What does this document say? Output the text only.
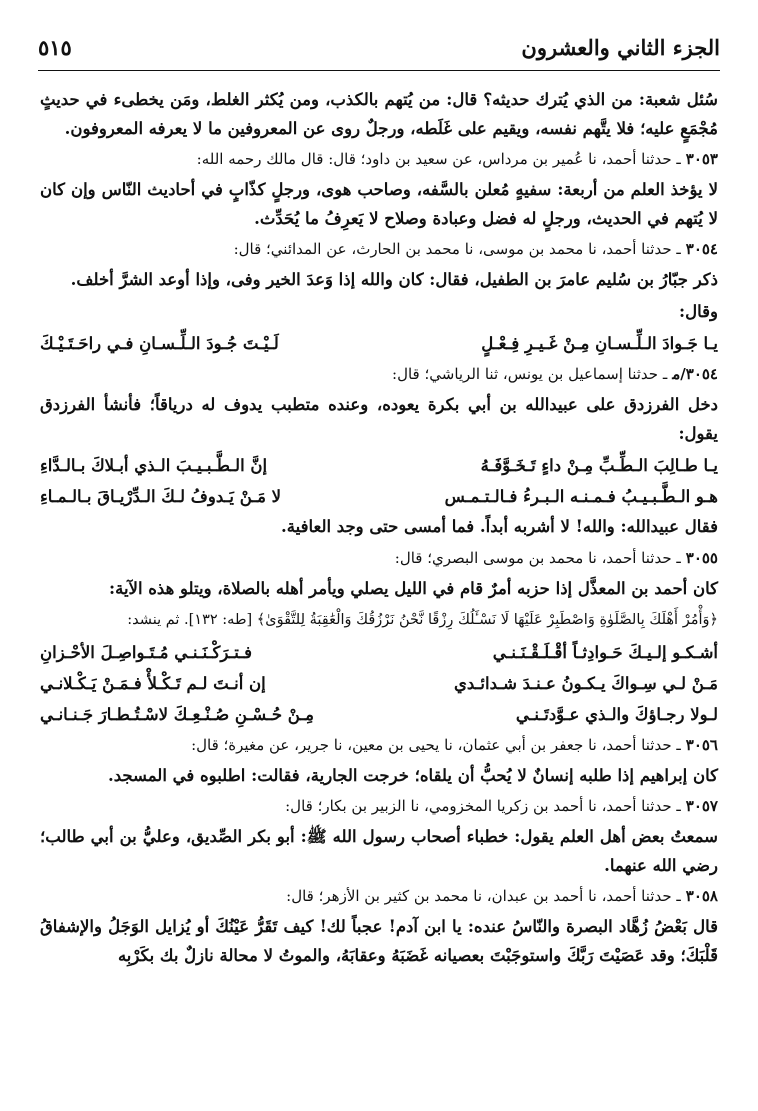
٥١٥	الجزء الثاني والعشرون
سُئل شعبة: من الذي يُترك حديثه؟ قال: من يُتهم بالكذب، ومن يُكثر الغلط، ومَن يخطىء في حديثٍ مُجْمَعٍ عليه؛ فلا يتَّهم نفسه، ويقيم على غَلَطه، ورجلٌ روى عن المعروفين ما لا يعرفه المعروفون.
٣٠٥٣ـ حدثنا أحمد، نا عُمير بن مرداس، عن سعيد بن داود؛ قال: قال مالك رحمه الله:
لا يؤخذ العلم من أربعة: سفيهٍ مُعلن بالسَّفه، وصاحب هوى، ورجلٍ كذّابٍ في أحاديث النّاس وإن كان لا يُتهم في الحديث، ورجلٍ له فضل وعبادة وصلاح لا يَعرِفُ ما يُحَدِّث.
٣٠٥٤ـ حدثنا أحمد، نا محمد بن موسى، نا محمد بن الحارث، عن المدائني؛ قال:
ذكر جبّارُ بن سُليم عامرَ بن الطفيل، فقال: كان والله إذا وَعدَ الخير وفى، وإذا أوعد الشرَّ أخلف.
وقال:
يـا جَـوادَ الـلِّـسـانِ مِـنْ غَـيـرِ فِـعْـلٍ
لَـيْـتَ جُـودَ الـلِّـسـانِ فـي راحَـتَـيْـكَ
٣٠٥٤/مـ حدثنا إسماعيل بن يونس، ثنا الرياشي؛ قال:
دخل الفرزدق على عبيدالله بن أبي بكرة يعوده، وعنده متطبب يدوف له درياقاً؛ فأنشأ الفرزدق يقول:
يـا طـالِبَ الـطِّـبِّ مِـنْ داءٍ تَـخَـوَّفَـهُ
إنَّ الـطَّـبـيـبَ الـذي أبـلاكَ بـالـدَّاءِ
هـو الـطَّـبـيـبُ فـمـنـه الـبـرءُ فـالـتـمـس
لا مَـنْ يَـدوفُ لـكَ الـدِّرْيـاقَ بـالـمـاءِ
فقال عبيدالله: والله! لا أشربه أبداً. فما أمسى حتى وجد العافية.
٣٠٥٥ـ حدثنا أحمد، نا محمد بن موسى البصري؛ قال:
كان أحمد بن المعذَّل إذا حزبه أمرٌ قام في الليل يصلي ويأمر أهله بالصلاة، ويتلو هذه الآية:
﴿وَأْمُرْ أَهْلَكَ بِالصَّلَوٰةِ وَاصْطَبِرْ عَلَيْهَا لَا نَسْـَٔلُكَ رِزْقًا نَّحْنُ نَرْزُقُكَ وَالْعَٰقِبَةُ لِلتَّقْوَىٰ﴾ [طه: ١٣٢]. ثم ينشد:
أشـكـو إلـيـكَ حَـوادِثـاً أقْـلَـقْـنَـنـي
فـتـرَكْـنَـنـي مُـتَـواصِـلَ الأحْـزانِ
مَـنْ لـي سِـواكَ يـكـونُ عـنـدَ شـدائـدي
إن أنـتَ لـم تَـكْـلأْ فـمَـنْ يَـكْـلانـي
لـولا رجـاؤكَ والـذي عـوَّدتَـنـي
مِـنْ حُـسْـنِ صُـنْـعِـكَ لاسْـتُـطـارَ جَـنـانـي
٣٠٥٦ـ حدثنا أحمد، نا جعفر بن أبي عثمان، نا يحيى بن معين، نا جرير، عن مغيرة؛ قال:
كان إبراهيم إذا طلبه إنسانٌ لا يُحبُّ أن يلقاه؛ خرجت الجارية، فقالت: اطلبوه في المسجد.
٣٠٥٧ـ حدثنا أحمد، نا أحمد بن زكريا المخزومي، نا الزبير بن بكار؛ قال:
سمعتُ بعض أهل العلم يقول: خطباء أصحاب رسول الله ﷺ: أبو بكر الصِّديق، وعليُّ بن أبي طالب؛ رضي الله عنهما.
٣٠٥٨ـ حدثنا أحمد، نا أحمد بن عبدان، نا محمد بن كثير بن الأزهر؛ قال:
قال بَعْضُ زُهَّاد البصرة والنّاسُ عنده: يا ابن آدم! عجباً لك! كيف تَقَرُّ عَيْنُكَ أو يُزايل الوَجَلُ والإشفاقُ قَلْبَكَ؛ وقد عَصَيْتَ رَبَّكَ واستوجَبْتَ بعصيانه غَضَبَهُ وعقابَهُ، والموتُ لا محالة نازلٌ بك بكَرْبِه
